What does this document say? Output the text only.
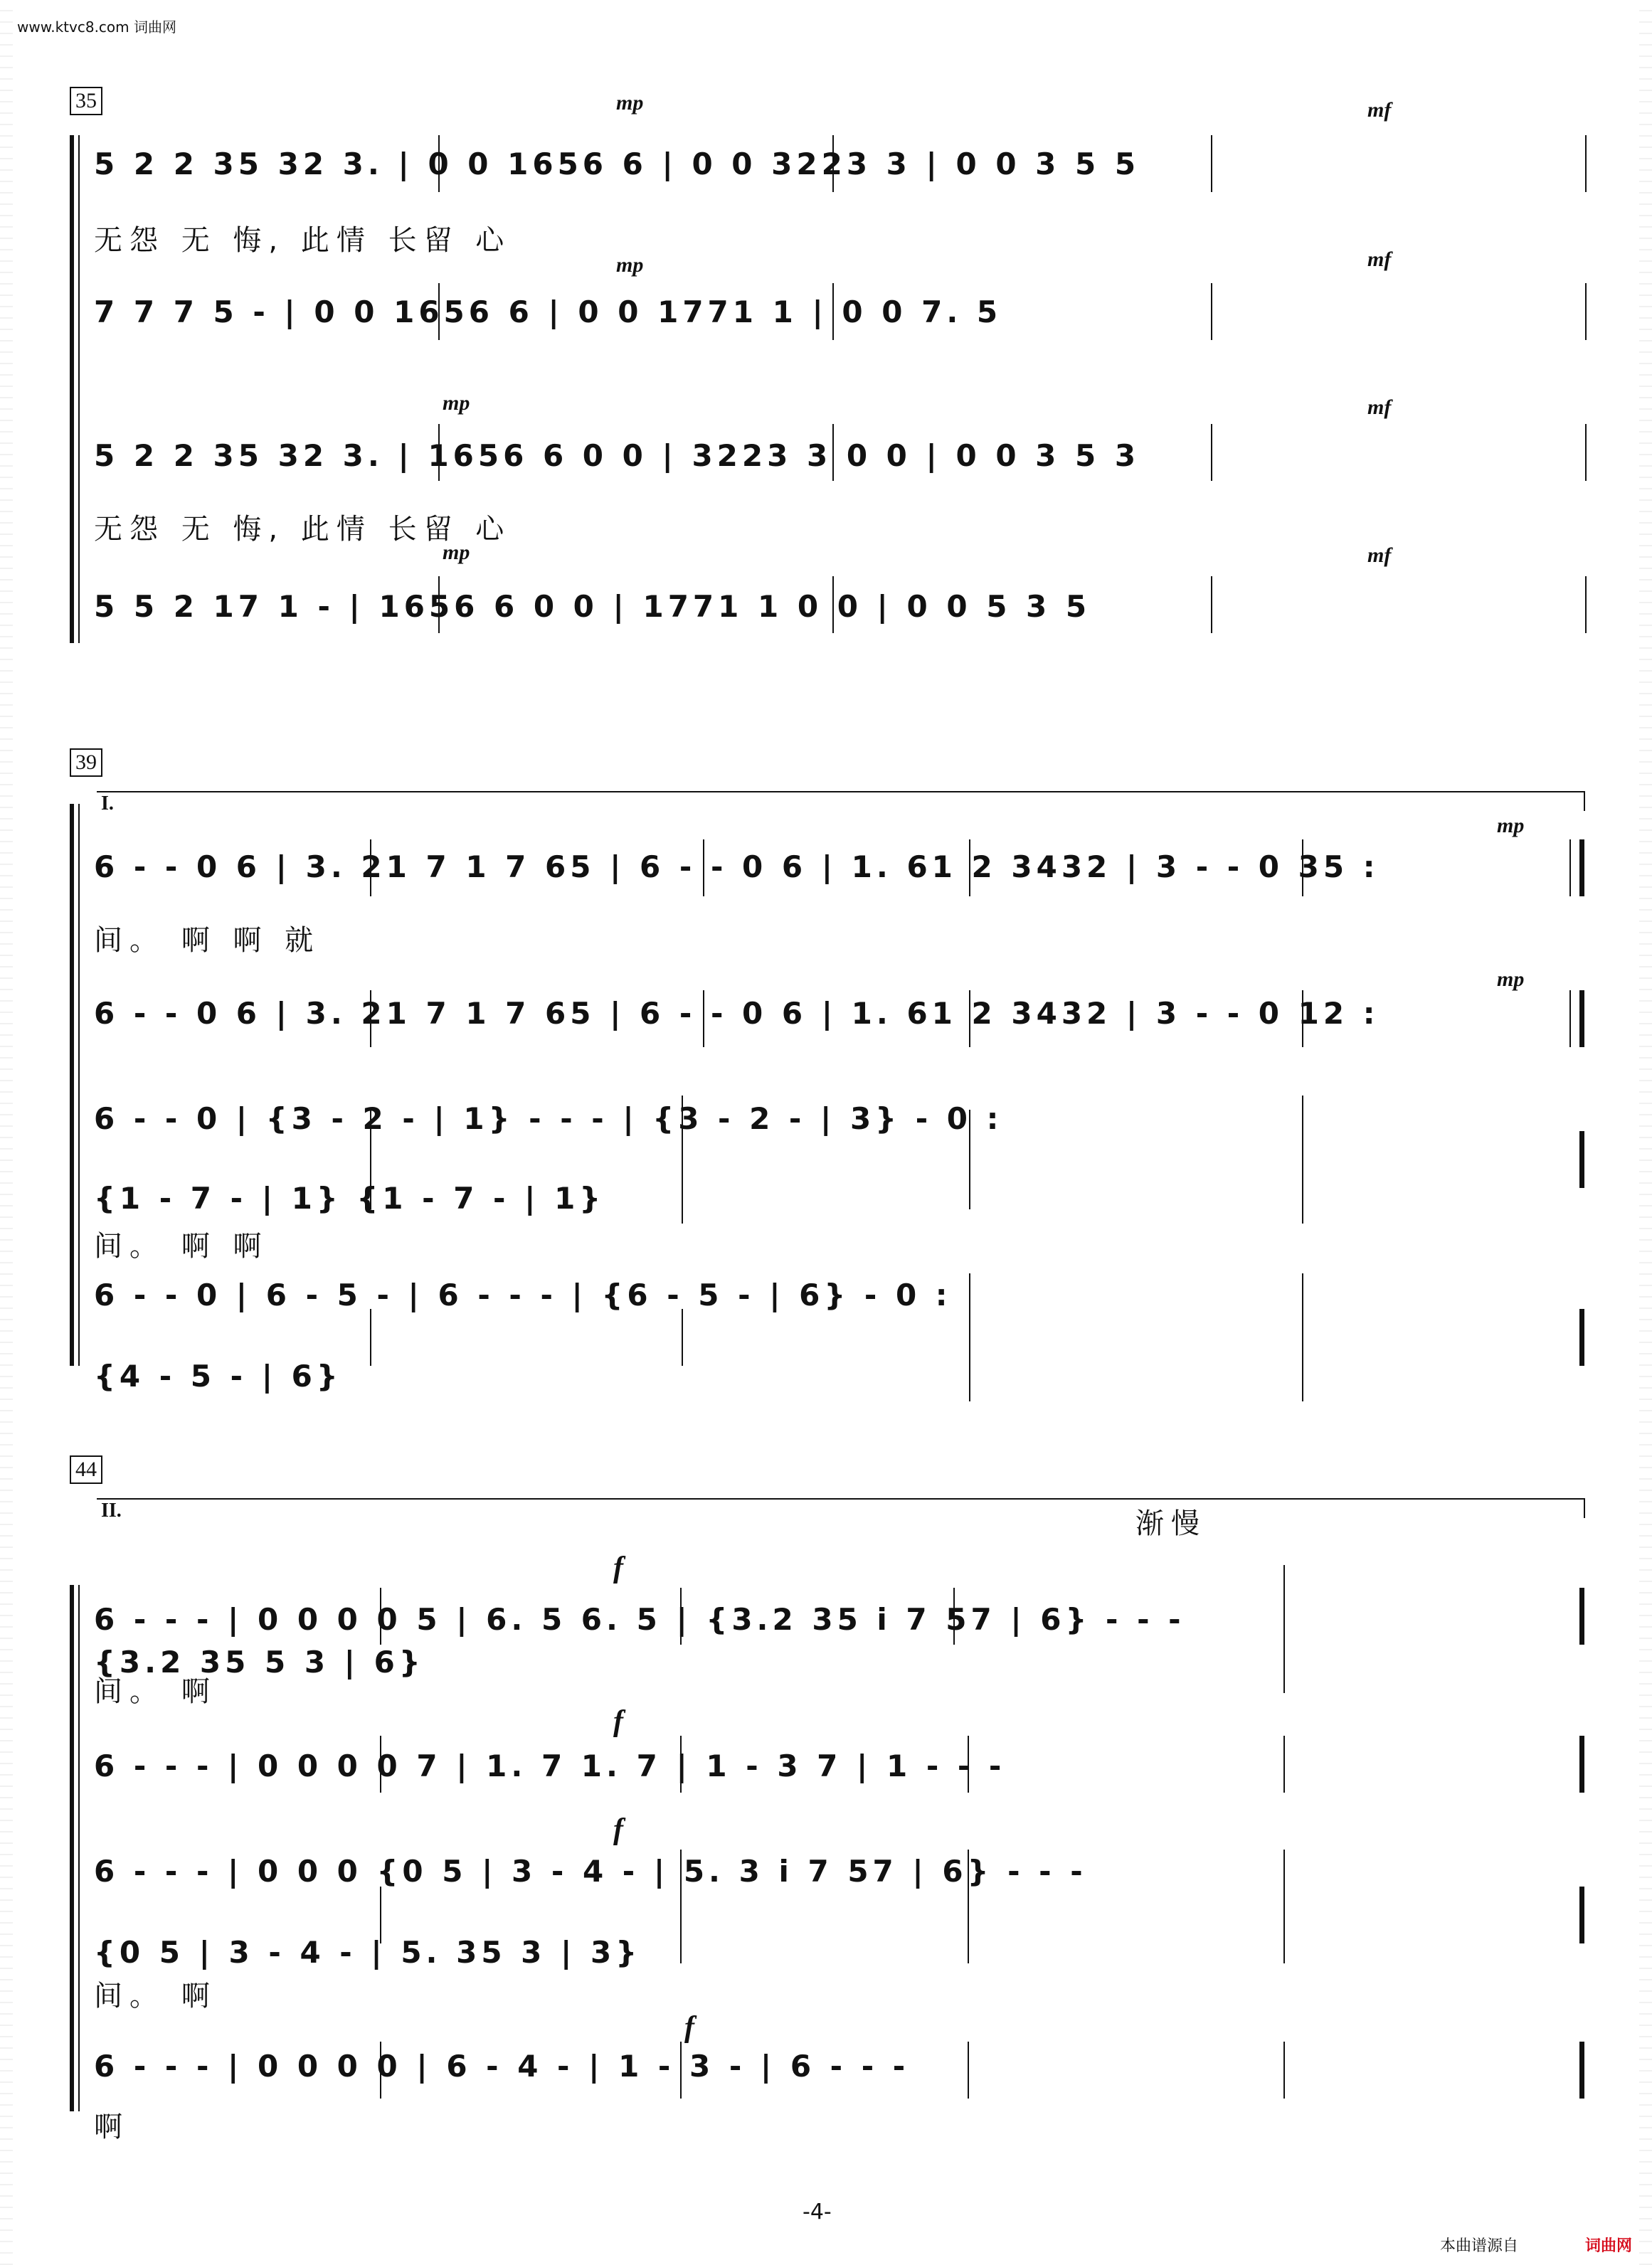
www.ktvc8.com 词曲网
35	mp	mf
5 2 2 35 32 3. | 0 0 1656 6 | 0 0 3223 3 | 0 0 3 5 5
无怨 无 悔, 此情 长留 心
mp	mf
7 7 7 5 - | 0 0 1656 6 | 0 0 1771 1 | 0 0 7. 5
mp	mf
5 2 2 35 32 3. | 1656 6 0 0 | 3223 3 0 0 | 0 0 3 5 3
无怨 无 悔, 此情 长留 心
mp	mf
5 5 2 17 1 - | 1656 6 0 0 | 1771 1 0 0 | 0 0 5 3 5
39
I.
mp
6 - - 0 6 | 3. 21 7 1 7 65 | 6 - - 0 6 | 1. 61 2 3432 | 3 - - 0 35 :
间。 啊 啊 就
mp
6 - - 0 6 | 3. 21 7 1 7 65 | 6 - - 0 6 | 1. 61 2 3432 | 3 - - 0 12 :
6 - - 0 | {3 - 2 - | 1} - - - | {3 - 2 - | 3} - 0 :
{1 - 7 - | 1} {1 - 7 - | 1}
间。 啊 啊
6 - - 0 | 6 - 5 - | 6 - - - | {6 - 5 - | 6} - 0 :
{4 - 5 - | 6}
44
II.	渐慢
f
6 - - - | 0 0 0 0 5 | 6. 5 6. 5 | {3.2 35 i 7 57 | 6} - - -
{3.2 35 5 3 | 6}
间。 啊
f
6 - - - | 0 0 0 0 7 | 1. 7 1. 7 | 1 - 3 7 | 1 - - -
f
6 - - - | 0 0 0 {0 5 | 3 - 4 - | 5. 3 i 7 57 | 6} - - -
{0 5 | 3 - 4 - | 5. 35 3 | 3}
间。 啊
f
6 - - - | 0 0 0 0 | 6 - 4 - | 1 - 3 - | 6 - - -
啊
-4-
本曲谱源自	词曲网
